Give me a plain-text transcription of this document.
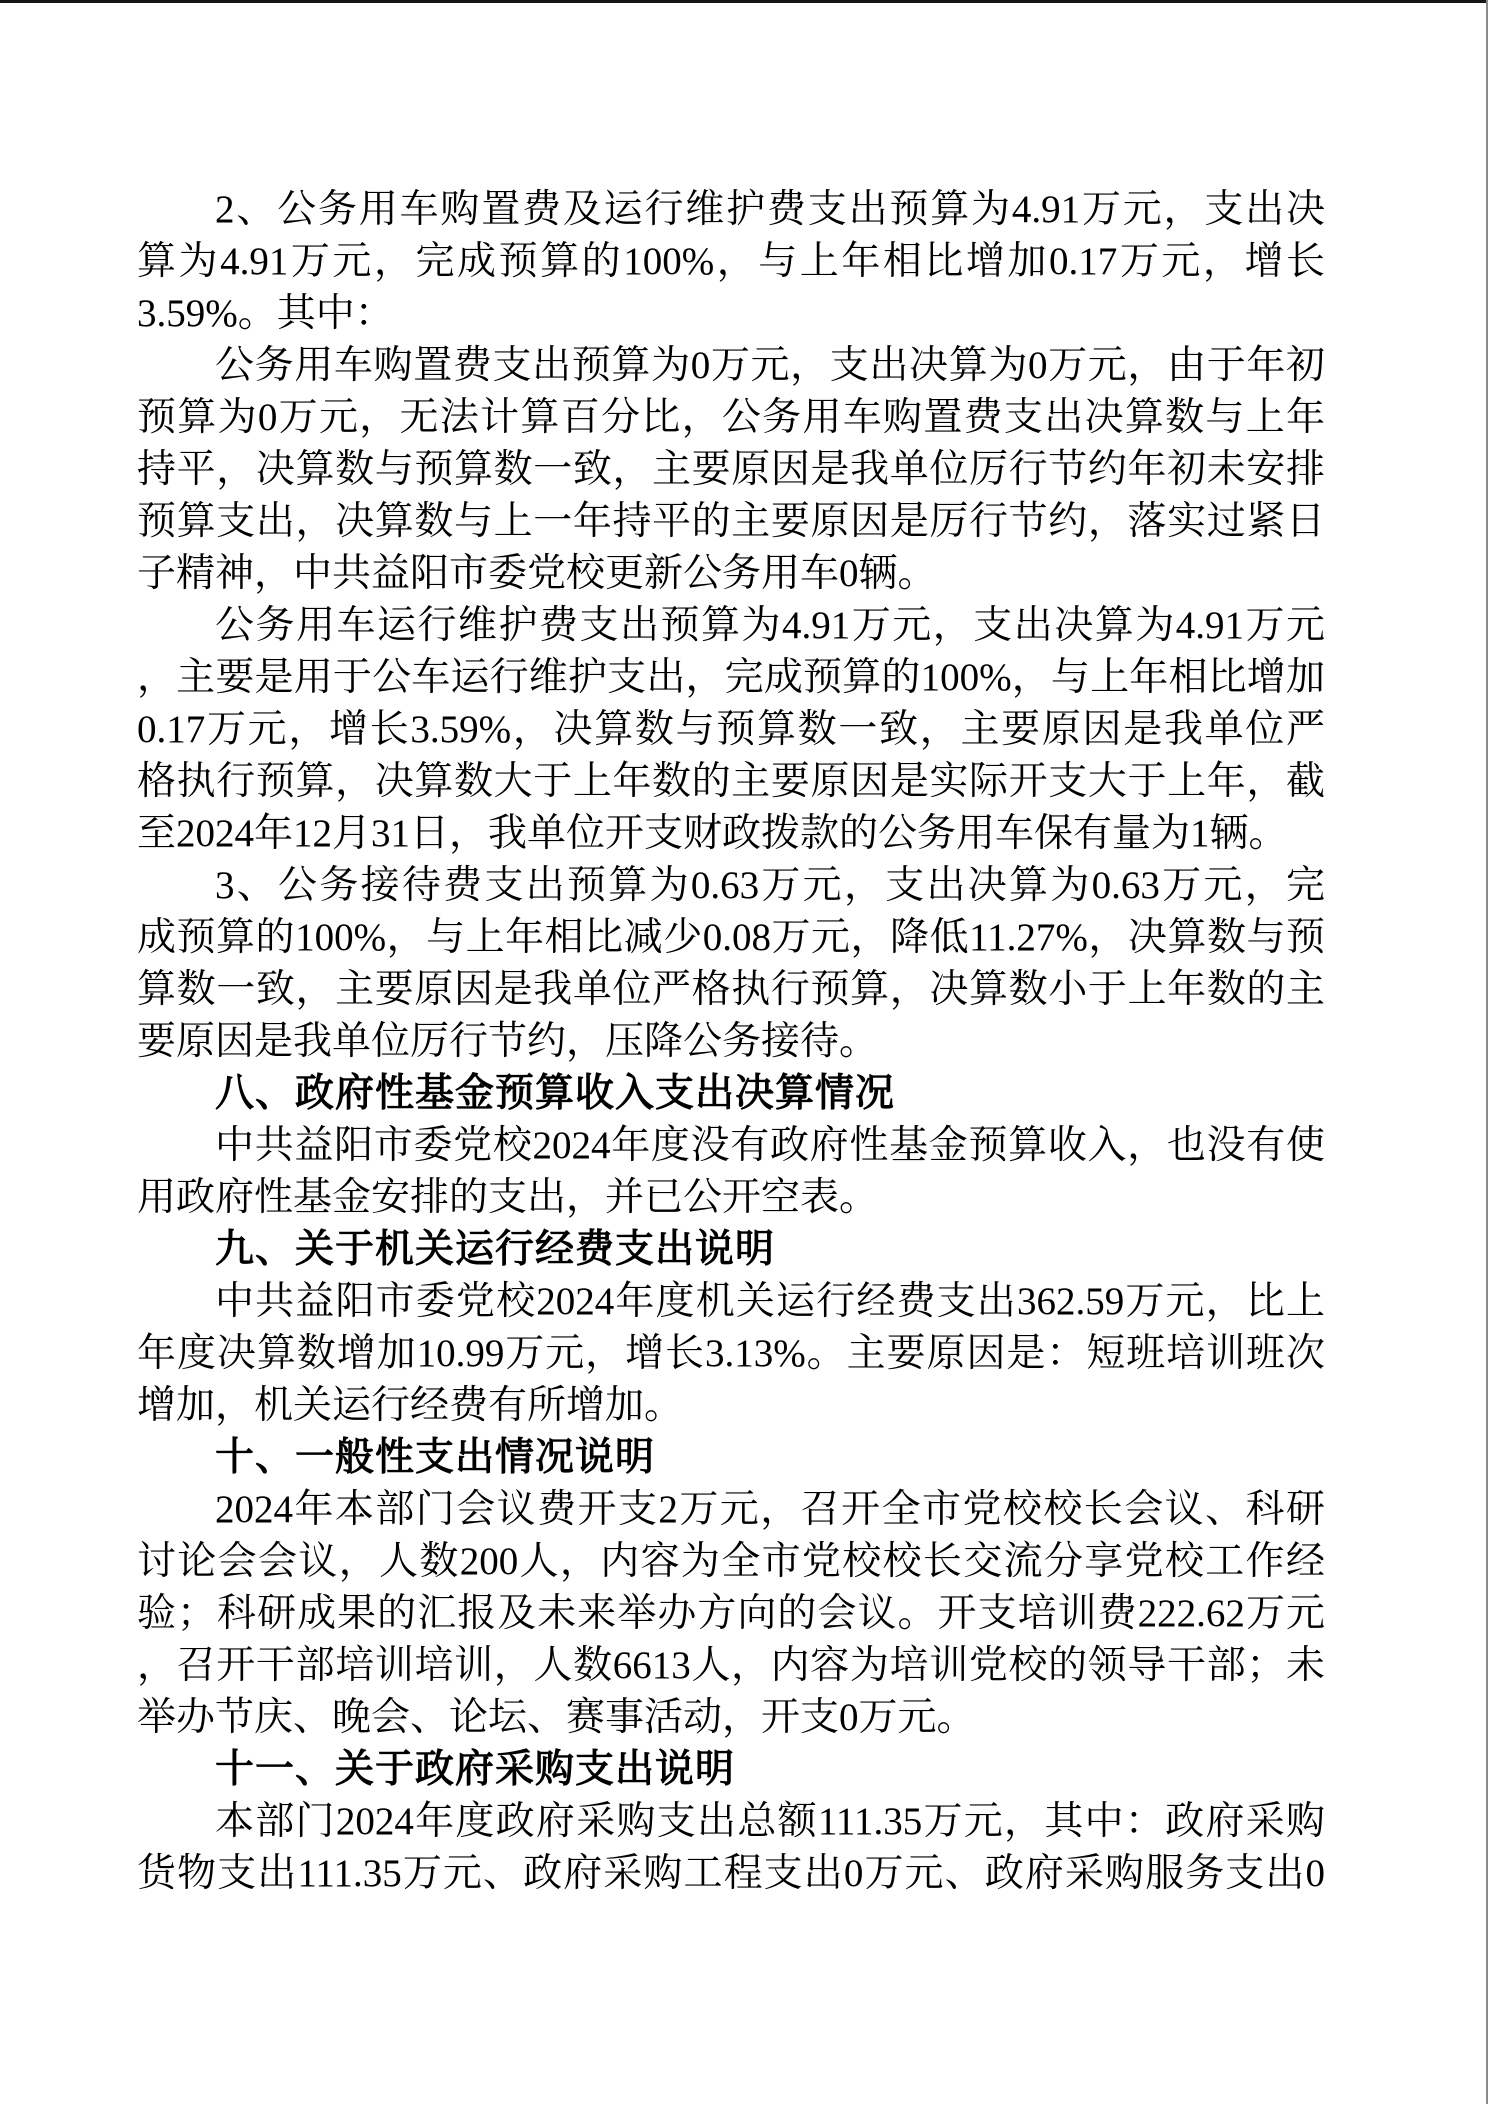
2、公务用车购置费及运行维护费支出预算为4.91万元，支出决
算为4.91万元，完成预算的100%，与上年相比增加0.17万元，增长
3.59%。其中：
公务用车购置费支出预算为0万元，支出决算为0万元，由于年初
预算为0万元，无法计算百分比，公务用车购置费支出决算数与上年
持平，决算数与预算数一致，主要原因是我单位厉行节约年初未安排
预算支出，决算数与上一年持平的主要原因是厉行节约，落实过紧日
子精神，中共益阳市委党校更新公务用车0辆。
公务用车运行维护费支出预算为4.91万元，支出决算为4.91万元
，主要是用于公车运行维护支出，完成预算的100%，与上年相比增加
0.17万元，增长3.59%，决算数与预算数一致，主要原因是我单位严
格执行预算，决算数大于上年数的主要原因是实际开支大于上年，截
至2024年12月31日，我单位开支财政拨款的公务用车保有量为1辆。
3、公务接待费支出预算为0.63万元，支出决算为0.63万元，完
成预算的100%，与上年相比减少0.08万元，降低11.27%，决算数与预
算数一致，主要原因是我单位严格执行预算，决算数小于上年数的主
要原因是我单位厉行节约，压降公务接待。
八、政府性基金预算收入支出决算情况
中共益阳市委党校2024年度没有政府性基金预算收入，也没有使
用政府性基金安排的支出，并已公开空表。
九、关于机关运行经费支出说明
中共益阳市委党校2024年度机关运行经费支出362.59万元，比上
年度决算数增加10.99万元，增长3.13%。主要原因是：短班培训班次
增加，机关运行经费有所增加。
十、一般性支出情况说明
2024年本部门会议费开支2万元，召开全市党校校长会议、科研
讨论会会议，人数200人，内容为全市党校校长交流分享党校工作经
验；科研成果的汇报及未来举办方向的会议。开支培训费222.62万元
，召开干部培训培训，人数6613人，内容为培训党校的领导干部；未
举办节庆、晚会、论坛、赛事活动，开支0万元。
十一、关于政府采购支出说明
本部门2024年度政府采购支出总额111.35万元，其中：政府采购
货物支出111.35万元、政府采购工程支出0万元、政府采购服务支出0
